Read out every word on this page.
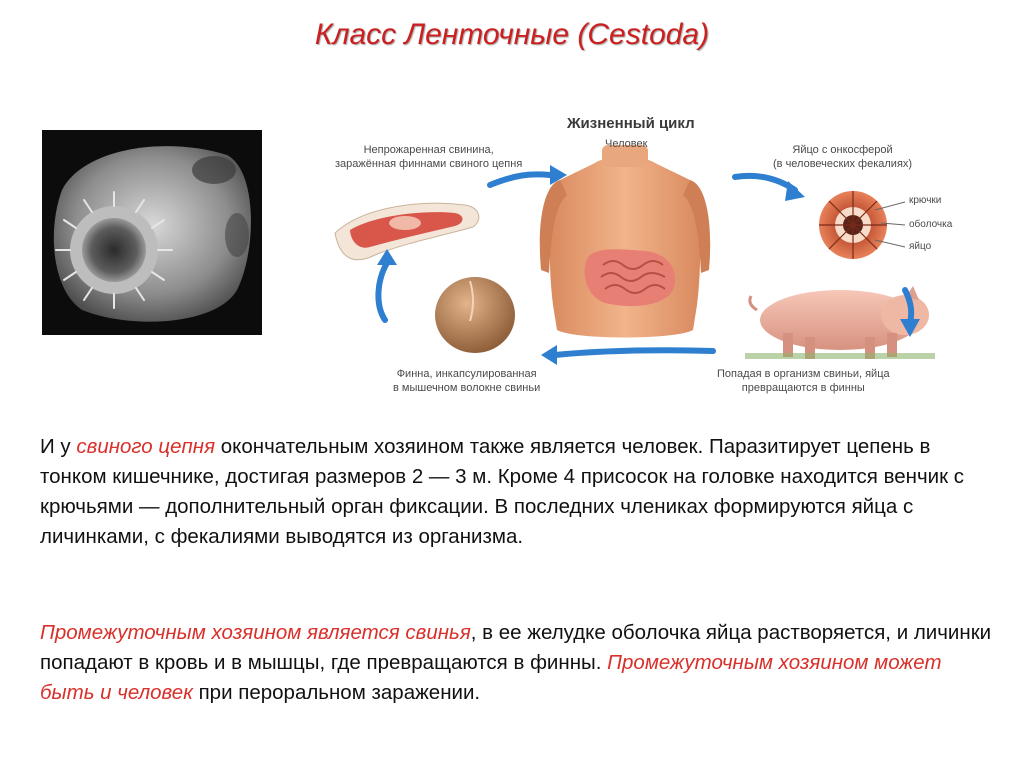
Класс Ленточные (Cestoda)
Жизненный цикл
Человек
Непрожаренная свинина,
заражённая финнами свиного цепня
Яйцо с онкосферой
(в человеческих фекалиях)
крючки
оболочка
яйцо
Попадая в организм свиньи, яйца
превращаются в финны
Финна, инкапсулированная
в мышечном волокне свиньи
И у свиного цепня окончательным хозяином также является человек. Паразитирует цепень в тонком кишечнике, достигая размеров 2 — 3 м. Кроме 4 присосок на головке находится венчик с крючьями — дополнительный орган фиксации. В последних члениках формируются яйца с личинками, с фекалиями выводятся из организма.
Промежуточным хозяином является свинья, в ее желудке оболочка яйца растворяется, и личинки попадают в кровь и в мышцы, где превращаются в финны. Промежуточным хозяином может быть и человек при пероральном заражении.
